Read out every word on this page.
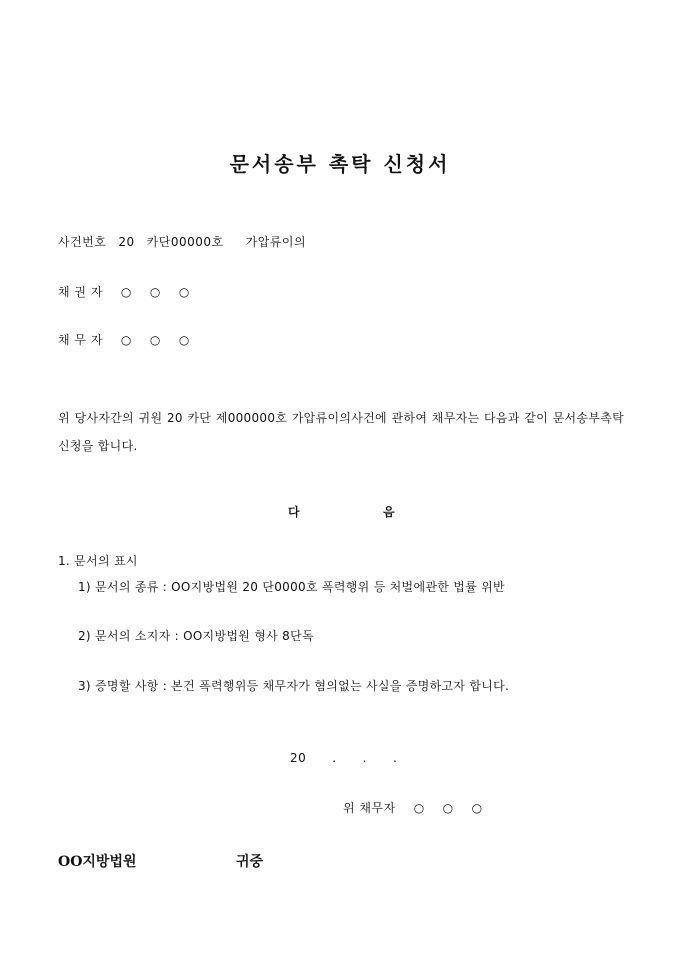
문서송부 촉탁 신청서
사건번호 20 카단00000호 가압류이의
채 권 자 ○ ○ ○
채 무 자 ○ ○ ○
위 당사자간의 귀원 20 카단 제000000호 가압류이의사건에 관하여 채무자는 다음과 같이 문서송부촉탁 신청을 합니다.
다	음
1. 문서의 표시
1) 문서의 종류 : OO지방법원 20 단0000호 폭력행위 등 처벌에관한 법률 위반
2) 문서의 소지자 : OO지방법원 형사 8단독
3) 증명할 사항 : 본건 폭력행위등 채무자가 혐의없는 사실을 증명하고자 합니다.
20 . . .
위 채무자 ○ ○ ○
OO지방법원	귀중
